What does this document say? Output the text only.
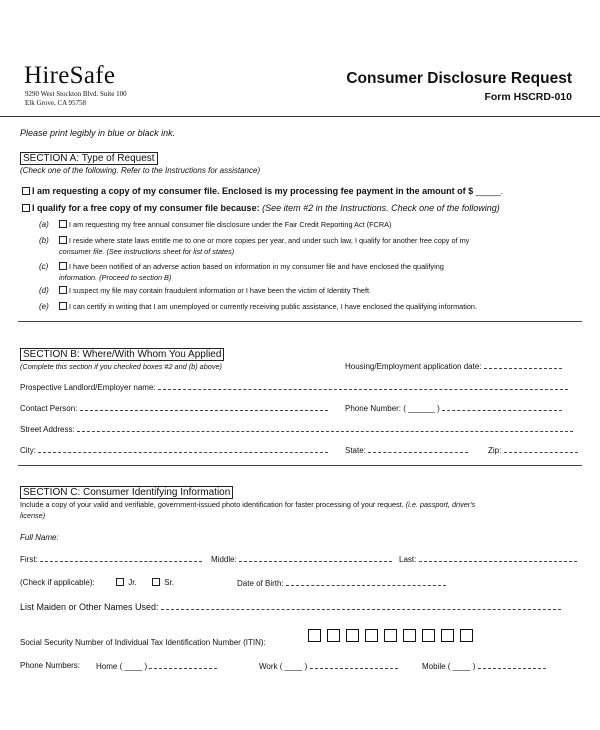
HireSafe
9290 West Stockton Blvd. Suite 100
Elk Grove, CA 95758
Consumer Disclosure Request
Form HSCRD-010
Please print legibly in blue or black ink.
SECTION A: Type of Request
(Check one of the following. Refer to the Instructions for assistance)
I am requesting a copy of my consumer file. Enclosed is my processing fee payment in the amount of $ _____.
I qualify for a free copy of my consumer file because: (See item #2 in the Instructions. Check one of the following)
(a)	I am requesting my free annual consumer file disclosure under the Fair Credit Reporting Act (FCRA)
(b)	I reside where state laws entitle me to one or more copies per year, and under such law, I qualify for another free copy of my
consumer file. (See instructions sheet for list of states)
(c)	I have been notified of an adverse action based on information in my consumer file and have enclosed the qualifying
information. (Proceed to section B)
(d)	I suspect my file may contain fraudulent information or I have been the victim of Identity Theft.
(e)	I can certify in writing that I am unemployed or currently receiving public assistance, I have enclosed the qualifying information.
SECTION B: Where/With Whom You Applied
(Complete this section if you checked boxes #2 and (b) above)	Housing/Employment application date:
Prospective Landlord/Employer name:
Contact Person:	Phone Number: ( ______ )
Street Address:
City:	State:	Zip:
SECTION C: Consumer Identifying Information
Include a copy of your valid and verifiable, government-issued photo identification for faster processing of your request. (i.e. passport, driver's
license)
Full Name:
First:	Middle:	Last:
(Check if applicable):	Jr.	Sr.	Date of Birth:
List Maiden or Other Names Used:
Social Security Number of Individual Tax Identification Number (ITIN):
Phone Numbers: Home ( ____ )	Work ( ____ )	Mobile ( ____ )
